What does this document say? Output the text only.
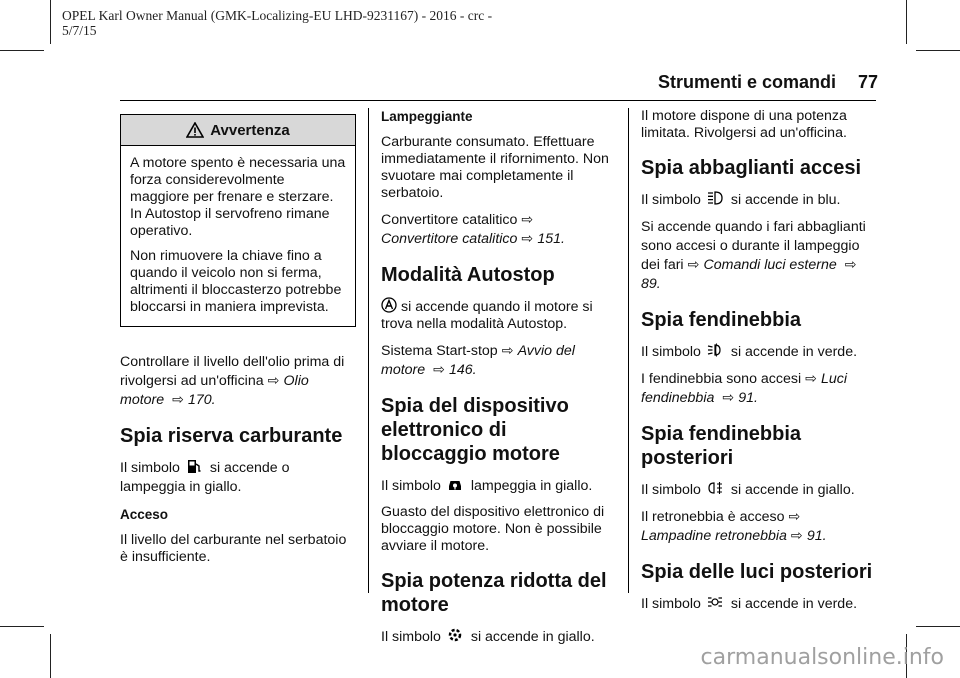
OPEL Karl Owner Manual (GMK-Localizing-EU LHD-9231167) - 2016 - crc -
5/7/15
Strumenti e comandi 77
Avvertenza

A motore spento è necessaria una forza considerevolmente maggiore per frenare e sterzare. In Autostop il servofreno rimane operativo.

Non rimuovere la chiave fino a quando il veicolo non si ferma, altrimenti il bloccasterzo potrebbe bloccarsi in maniera imprevista.

Controllare il livello dell'olio prima di rivolgersi ad un'officina ⇨ Olio motore ⇨ 170.

Spia riserva carburante

Il simbolo si accende o lampeggia in giallo.

Acceso

Il livello del carburante nel serbatoio è insufficiente.

Lampeggiante

Carburante consumato. Effettuare immediatamente il rifornimento. Non svuotare mai completamente il serbatoio.

Convertitore catalitico ⇨
Convertitore catalitico ⇨ 151.

Modalità Autostop

si accende quando il motore si trova nella modalità Autostop.

Sistema Start-stop ⇨ Avvio del motore ⇨ 146.

Spia del dispositivo elettronico di bloccaggio motore

Il simbolo lampeggia in giallo.

Guasto del dispositivo elettronico di bloccaggio motore. Non è possibile avviare il motore.

Spia potenza ridotta del motore

Il simbolo si accende in giallo.

Il motore dispone di una potenza limitata. Rivolgersi ad un'officina.

Spia abbaglianti accesi

Il simbolo si accende in blu.

Si accende quando i fari abbaglianti sono accesi o durante il lampeggio dei fari ⇨ Comandi luci esterne ⇨89.

Spia fendinebbia

Il simbolo si accende in verde.

I fendinebbia sono accesi ⇨ Luci fendinebbia ⇨ 91.

Spia fendinebbia posteriori

Il simbolo si accende in giallo.

Il retronebbia è acceso ⇨
Lampadine retronebbia ⇨ 91.

Spia delle luci posteriori

Il simbolo si accende in verde.

carmanualsonline.info
